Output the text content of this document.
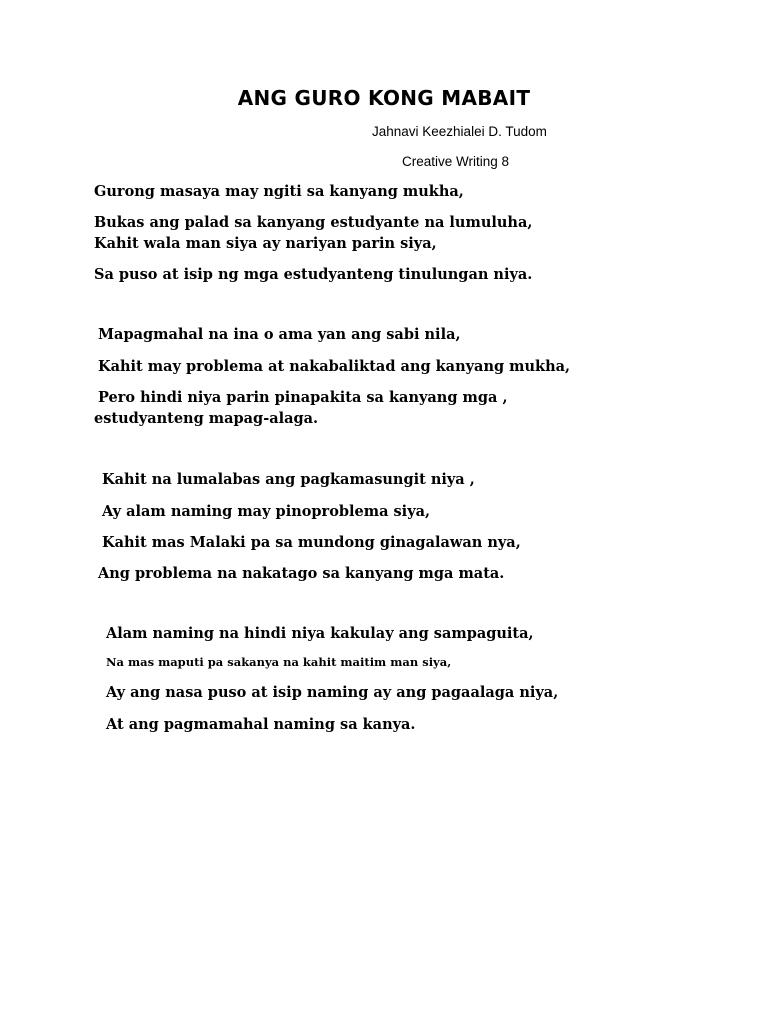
ANG GURO KONG MABAIT
Jahnavi Keezhialei D. Tudom
Creative Writing 8
Gurong masaya may ngiti sa kanyang mukha,
Bukas ang palad sa kanyang estudyante na lumuluha,
Kahit wala man siya ay nariyan parin siya,
Sa puso at isip ng mga estudyanteng tinulungan niya.
Mapagmahal na ina o ama yan ang sabi nila,
Kahit may problema at nakabaliktad ang kanyang mukha,
Pero hindi niya parin pinapakita sa kanyang mga ,
estudyanteng mapag-alaga.
Kahit na lumalabas ang pagkamasungit niya ,
Ay alam naming may pinoproblema siya,
Kahit mas Malaki pa sa mundong ginagalawan nya,
Ang problema na nakatago sa kanyang mga mata.
Alam naming na hindi niya kakulay ang sampaguita,
Na mas maputi pa sakanya na kahit maitim man siya,
Ay ang nasa puso at isip naming ay ang pagaalaga niya,
At ang pagmamahal naming sa kanya.
